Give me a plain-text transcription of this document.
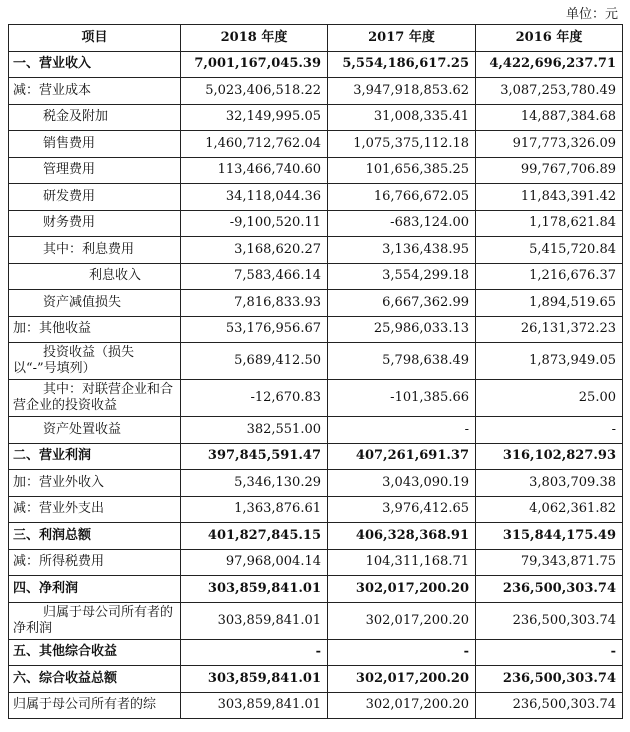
单位：元
项目	2018 年度	2017 年度	2016 年度
一、营业收入	7,001,167,045.39	5,554,186,617.25	4,422,696,237.71
减：营业成本	5,023,406,518.22	3,947,918,853.62	3,087,253,780.49
税金及附加	32,149,995.05	31,008,335.41	14,887,384.68
销售费用	1,460,712,762.04	1,075,375,112.18	917,773,326.09
管理费用	113,466,740.60	101,656,385.25	99,767,706.89
研发费用	34,118,044.36	16,766,672.05	11,843,391.42
财务费用	-9,100,520.11	-683,124.00	1,178,621.84
其中：利息费用	3,168,620.27	3,136,438.95	5,415,720.84
利息收入	7,583,466.14	3,554,299.18	1,216,676.37
资产减值损失	7,816,833.93	6,667,362.99	1,894,519.65
加：其他收益	53,176,956.67	25,986,033.13	26,131,372.23

投资收益（损失以“-”号填列）	5,689,412.50	5,798,638.49	1,873,949.05

其中：对联营企业和合营企业的投资收益	-12,670.83	-101,385.66	25.00
资产处置收益	382,551.00	-	-
二、营业利润	397,845,591.47	407,261,691.37	316,102,827.93
加：营业外收入	5,346,130.29	3,043,090.19	3,803,709.38
减：营业外支出	1,363,876.61	3,976,412.65	4,062,361.82
三、利润总额	401,827,845.15	406,328,368.91	315,844,175.49
减：所得税费用	97,968,004.14	104,311,168.71	79,343,871.75
四、净利润	303,859,841.01	302,017,200.20	236,500,303.74

归属于母公司所有者的净利润	303,859,841.01	302,017,200.20	236,500,303.74
五、其他综合收益	-	-	-
六、综合收益总额	303,859,841.01	302,017,200.20	236,500,303.74
归属于母公司所有者的综	303,859,841.01	302,017,200.20	236,500,303.74
